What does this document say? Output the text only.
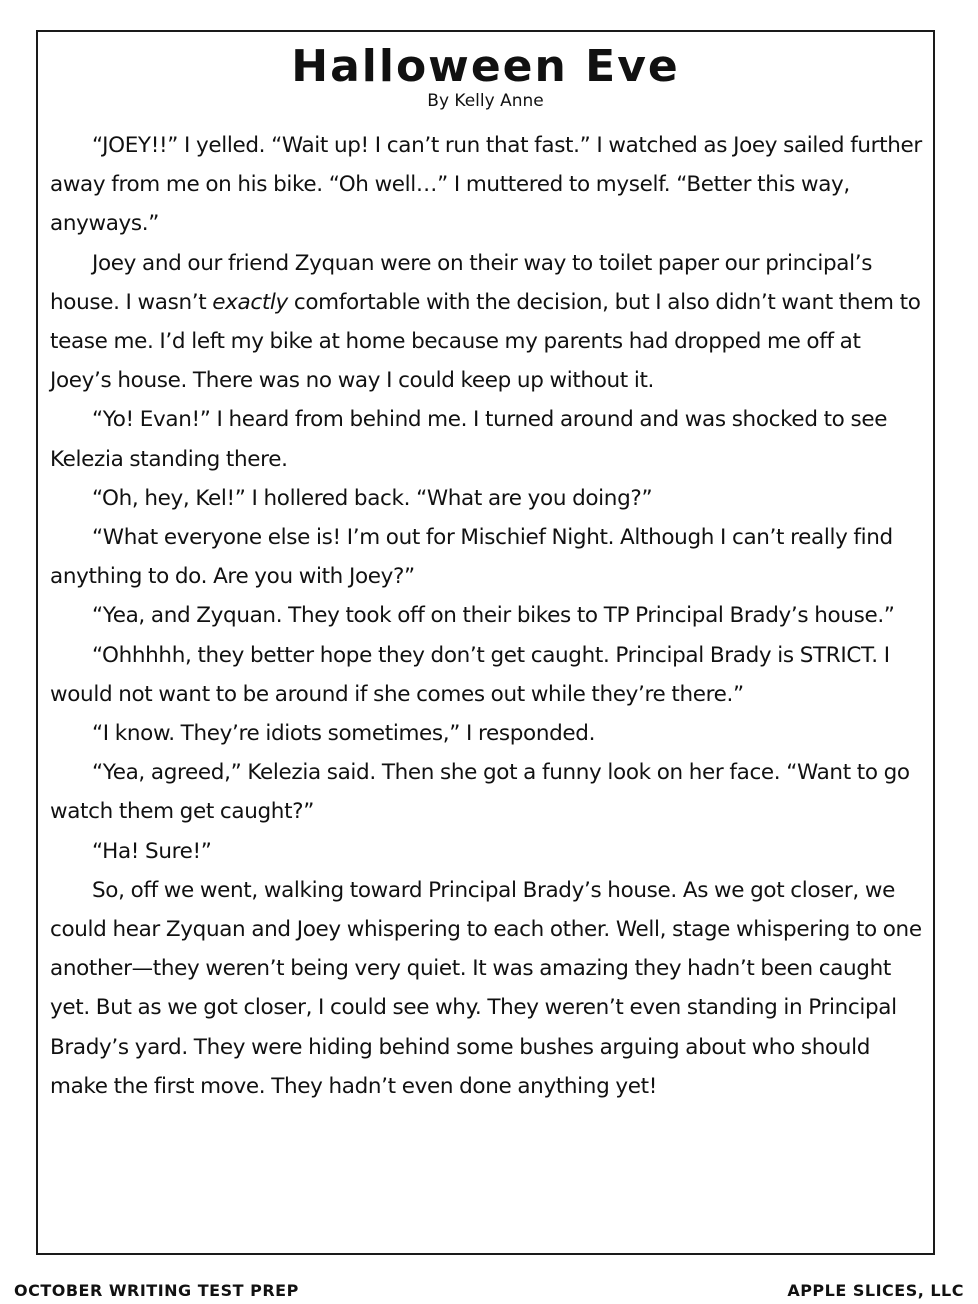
Halloween Eve
By Kelly Anne

“JOEY!!” I yelled. “Wait up! I can’t run that fast.” I watched as Joey sailed further away from me on his bike. “Oh well…” I muttered to myself. “Better this way, anyways.”

Joey and our friend Zyquan were on their way to toilet paper our principal’s house. I wasn’t exactly comfortable with the decision, but I also didn’t want them to tease me. I’d left my bike at home because my parents had dropped me off at Joey’s house. There was no way I could keep up without it.

“Yo! Evan!” I heard from behind me. I turned around and was shocked to see Kelezia standing there.

“Oh, hey, Kel!” I hollered back. “What are you doing?”

“What everyone else is! I’m out for Mischief Night. Although I can’t really find anything to do. Are you with Joey?”

“Yea, and Zyquan. They took off on their bikes to TP Principal Brady’s house.”

“Ohhhhh, they better hope they don’t get caught. Principal Brady is STRICT. I would not want to be around if she comes out while they’re there.”

“I know. They’re idiots sometimes,” I responded.

“Yea, agreed,” Kelezia said. Then she got a funny look on her face. “Want to go watch them get caught?”

“Ha! Sure!”

So, off we went, walking toward Principal Brady’s house. As we got closer, we could hear Zyquan and Joey whispering to each other. Well, stage whispering to one another—they weren’t being very quiet. It was amazing they hadn’t been caught yet. But as we got closer, I could see why. They weren’t even standing in Principal Brady’s yard. They were hiding behind some bushes arguing about who should make the first move. They hadn’t even done anything yet!

OCTOBER WRITING TEST PREP	APPLE SLICES, LLC
